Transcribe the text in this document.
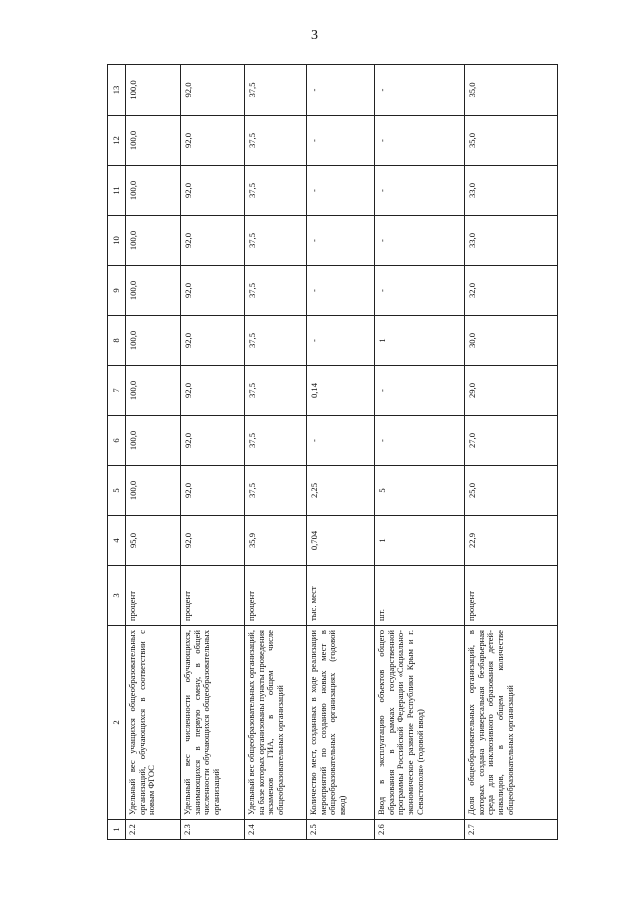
3
1	2	3	4	5	6	7	8	9	10	11	12	13
2.2	Удельный вес учащихся общеобразовательных организаций, обучающихся в соответствии с новым ФГОС	процент	95,0	100,0	100,0	100,0	100,0	100,0	100,0	100,0	100,0	100,0
2.3	Удельный вес численности обучающихся, занимающихся в первую смену, в общей численности обучающихся общеобразовательных организаций	процент	92,0	92,0	92,0	92,0	92,0	92,0	92,0	92,0	92,0	92,0
2.4	Удельный вес общеобразовательных организаций, на базе которых организованы пункты проведения экзаменов ГИА, в общем числе общеобразовательных организаций	процент	35,9	37,5	37,5	37,5	37,5	37,5	37,5	37,5	37,5	37,5
2.5	Количество мест, созданных в ходе реализации мероприятий по созданию новых мест в общеобразовательных организациях (годовой ввод)	тыс. мест	0,704	2,25	-	0,14	-	-	-	-	-	-
2.6	Ввод в эксплуатацию объектов общего образования в рамках государственной программы Российской Федерации «Социально-экономическое развитие Республики Крым и г. Севастополя» (годовой ввод)	шт.	1	5	-	-	1	-	-	-	-	-
2.7	Доля общеобразовательных организаций, в которых создана универсальная безбарьерная среда для инклюзивного образования детей-инвалидов, в общем количестве общеобразовательных организаций	процент	22,9	25,0	27,0	29,0	30,0	32,0	33,0	33,0	35,0	35,0
